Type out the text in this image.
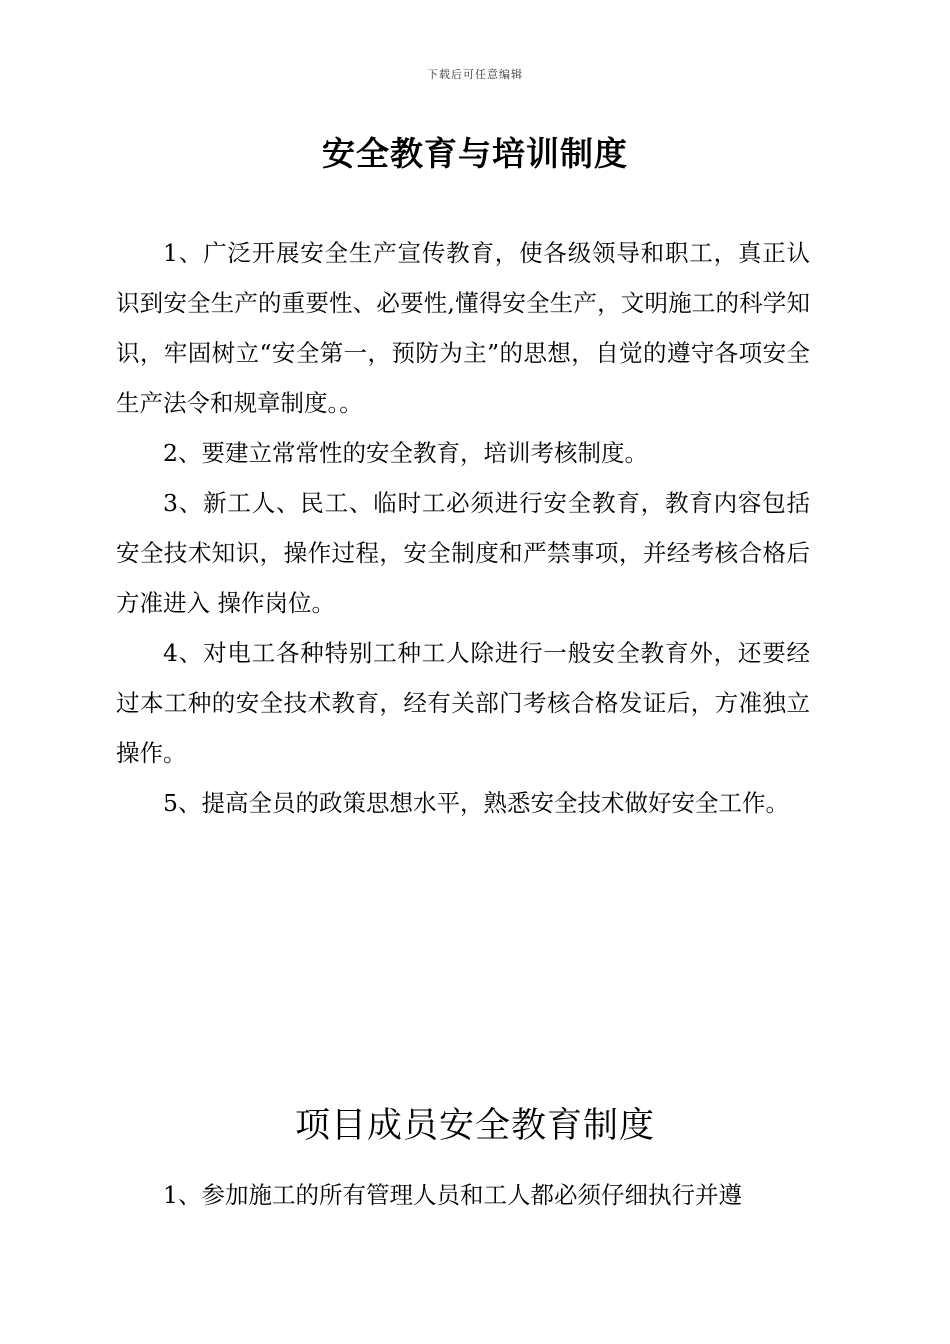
下载后可任意编辑
安全教育与培训制度

1、广泛开展安全生产宣传教育，使各级领导和职工，真正认识到安全生产的重要性、必要性,懂得安全生产，文明施工的科学知识，牢固树立“安全第一，预防为主”的思想，自觉的遵守各项安全生产法令和规章制度。。

2、要建立常常性的安全教育，培训考核制度。

3、新工人、民工、临时工必须进行安全教育，教育内容包括安全技术知识，操作过程，安全制度和严禁事项，并经考核合格后方准进入 操作岗位。

4、对电工各种特别工种工人除进行一般安全教育外，还要经过本工种的安全技术教育，经有关部门考核合格发证后，方准独立操作。

5、提高全员的政策思想水平，熟悉安全技术做好安全工作。

项目成员安全教育制度

1、参加施工的所有管理人员和工人都必须仔细执行并遵
